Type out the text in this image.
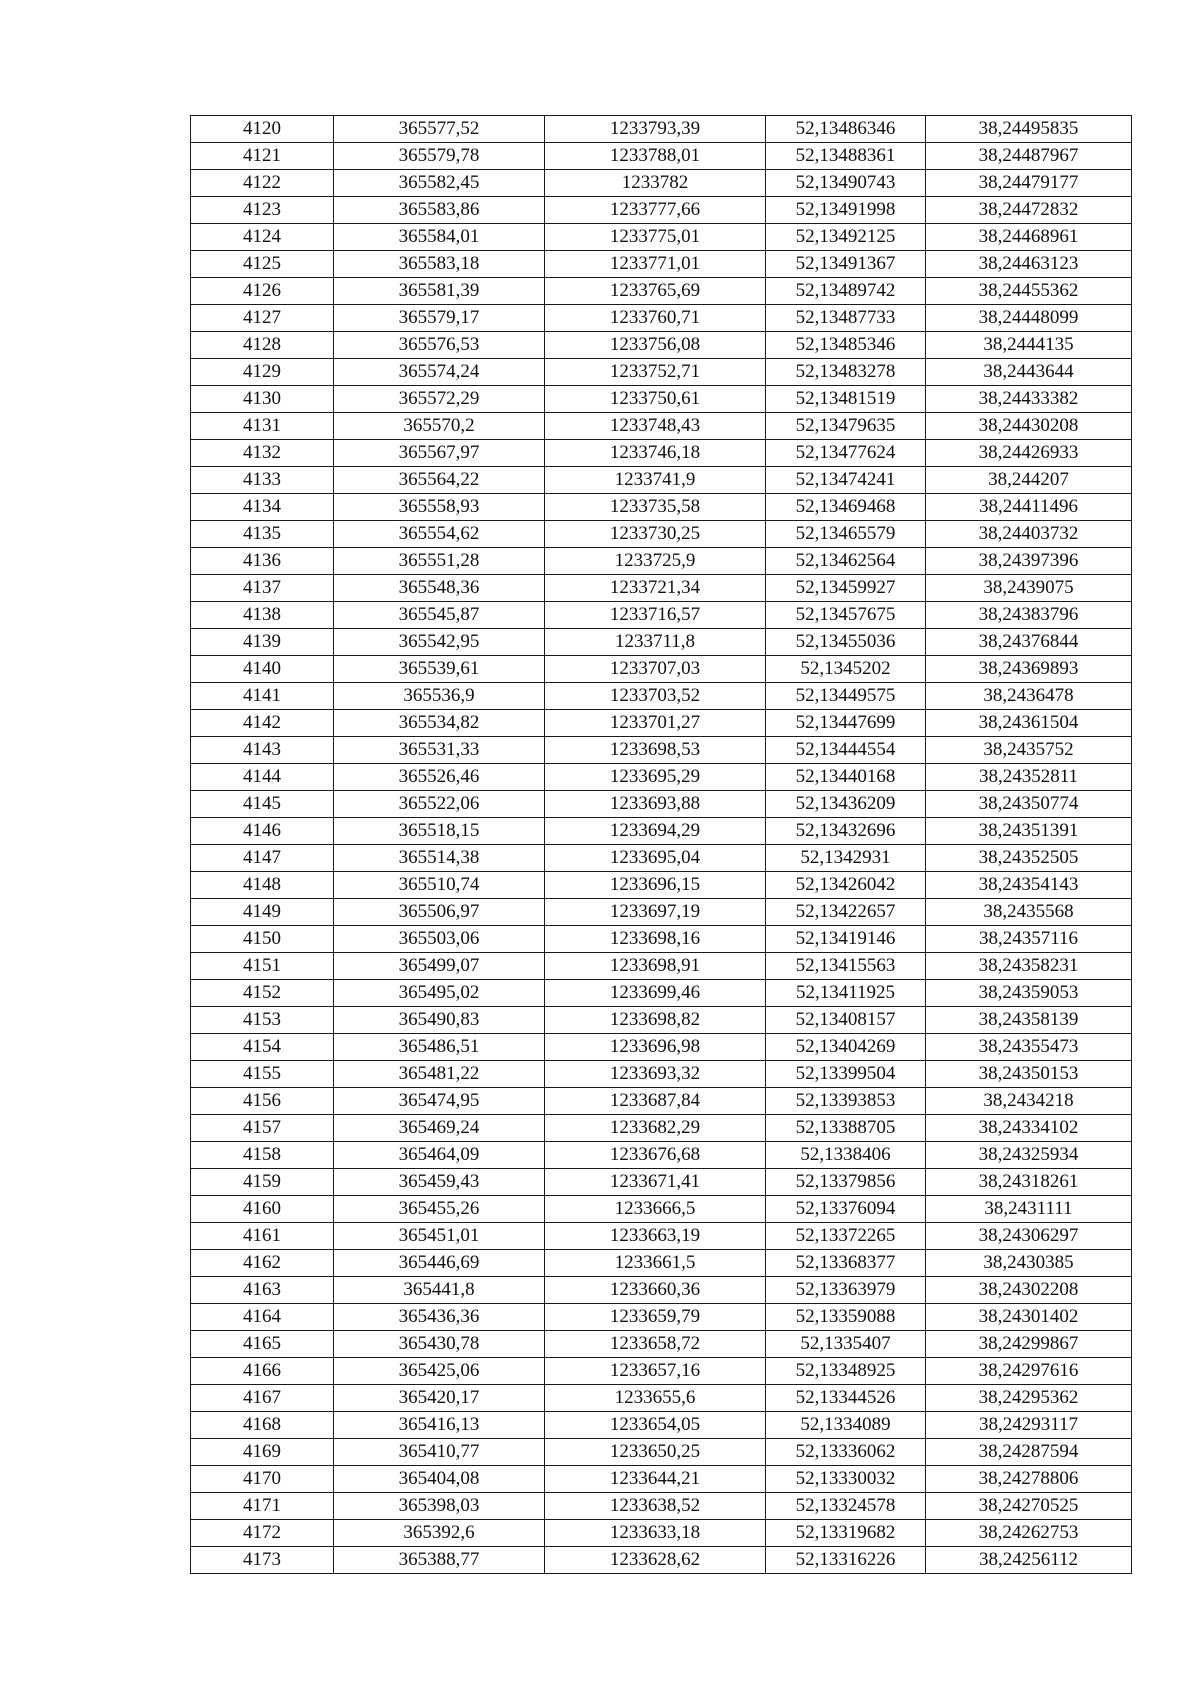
4120	365577,52	1233793,39	52,13486346	38,24495835
4121	365579,78	1233788,01	52,13488361	38,24487967
4122	365582,45	1233782	52,13490743	38,24479177
4123	365583,86	1233777,66	52,13491998	38,24472832
4124	365584,01	1233775,01	52,13492125	38,24468961
4125	365583,18	1233771,01	52,13491367	38,24463123
4126	365581,39	1233765,69	52,13489742	38,24455362
4127	365579,17	1233760,71	52,13487733	38,24448099
4128	365576,53	1233756,08	52,13485346	38,2444135
4129	365574,24	1233752,71	52,13483278	38,2443644
4130	365572,29	1233750,61	52,13481519	38,24433382
4131	365570,2	1233748,43	52,13479635	38,24430208
4132	365567,97	1233746,18	52,13477624	38,24426933
4133	365564,22	1233741,9	52,13474241	38,244207
4134	365558,93	1233735,58	52,13469468	38,24411496
4135	365554,62	1233730,25	52,13465579	38,24403732
4136	365551,28	1233725,9	52,13462564	38,24397396
4137	365548,36	1233721,34	52,13459927	38,2439075
4138	365545,87	1233716,57	52,13457675	38,24383796
4139	365542,95	1233711,8	52,13455036	38,24376844
4140	365539,61	1233707,03	52,1345202	38,24369893
4141	365536,9	1233703,52	52,13449575	38,2436478
4142	365534,82	1233701,27	52,13447699	38,24361504
4143	365531,33	1233698,53	52,13444554	38,2435752
4144	365526,46	1233695,29	52,13440168	38,24352811
4145	365522,06	1233693,88	52,13436209	38,24350774
4146	365518,15	1233694,29	52,13432696	38,24351391
4147	365514,38	1233695,04	52,1342931	38,24352505
4148	365510,74	1233696,15	52,13426042	38,24354143
4149	365506,97	1233697,19	52,13422657	38,2435568
4150	365503,06	1233698,16	52,13419146	38,24357116
4151	365499,07	1233698,91	52,13415563	38,24358231
4152	365495,02	1233699,46	52,13411925	38,24359053
4153	365490,83	1233698,82	52,13408157	38,24358139
4154	365486,51	1233696,98	52,13404269	38,24355473
4155	365481,22	1233693,32	52,13399504	38,24350153
4156	365474,95	1233687,84	52,13393853	38,2434218
4157	365469,24	1233682,29	52,13388705	38,24334102
4158	365464,09	1233676,68	52,1338406	38,24325934
4159	365459,43	1233671,41	52,13379856	38,24318261
4160	365455,26	1233666,5	52,13376094	38,2431111
4161	365451,01	1233663,19	52,13372265	38,24306297
4162	365446,69	1233661,5	52,13368377	38,2430385
4163	365441,8	1233660,36	52,13363979	38,24302208
4164	365436,36	1233659,79	52,13359088	38,24301402
4165	365430,78	1233658,72	52,1335407	38,24299867
4166	365425,06	1233657,16	52,13348925	38,24297616
4167	365420,17	1233655,6	52,13344526	38,24295362
4168	365416,13	1233654,05	52,1334089	38,24293117
4169	365410,77	1233650,25	52,13336062	38,24287594
4170	365404,08	1233644,21	52,13330032	38,24278806
4171	365398,03	1233638,52	52,13324578	38,24270525
4172	365392,6	1233633,18	52,13319682	38,24262753
4173	365388,77	1233628,62	52,13316226	38,24256112
